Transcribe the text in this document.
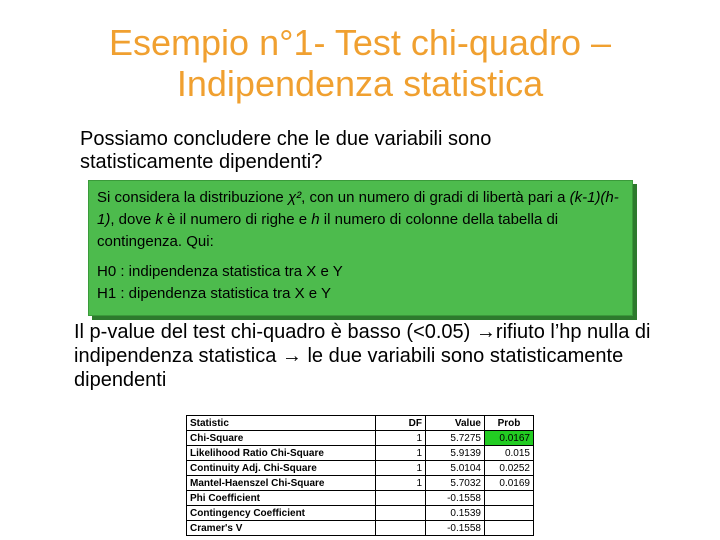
Esempio n°1- Test chi-quadro –
Indipendenza statistica
Possiamo concludere che le due variabili sono statisticamente dipendenti?

Si considera la distribuzione χ², con un numero di gradi di libertà pari a (k-1)(h-1), dove k è il numero di righe e h il numero di colonne della tabella di contingenza. Qui:

H0 : indipendenza statistica tra X e Y
H1 : dipendenza statistica tra X e Y
Il p-value del test chi-quadro è basso (<0.05) →rifiuto l’hp nulla di indipendenza statistica → le due variabili sono statisticamente dipendenti
Statistic	DF	Value	Prob
Chi-Square	1	5.7275	0.0167
Likelihood Ratio Chi-Square	1	5.9139	0.015
Continuity Adj. Chi-Square	1	5.0104	0.0252
Mantel-Haenszel Chi-Square	1	5.7032	0.0169
Phi Coefficient		-0.1558	
Contingency Coefficient		0.1539	
Cramer's V		-0.1558	
